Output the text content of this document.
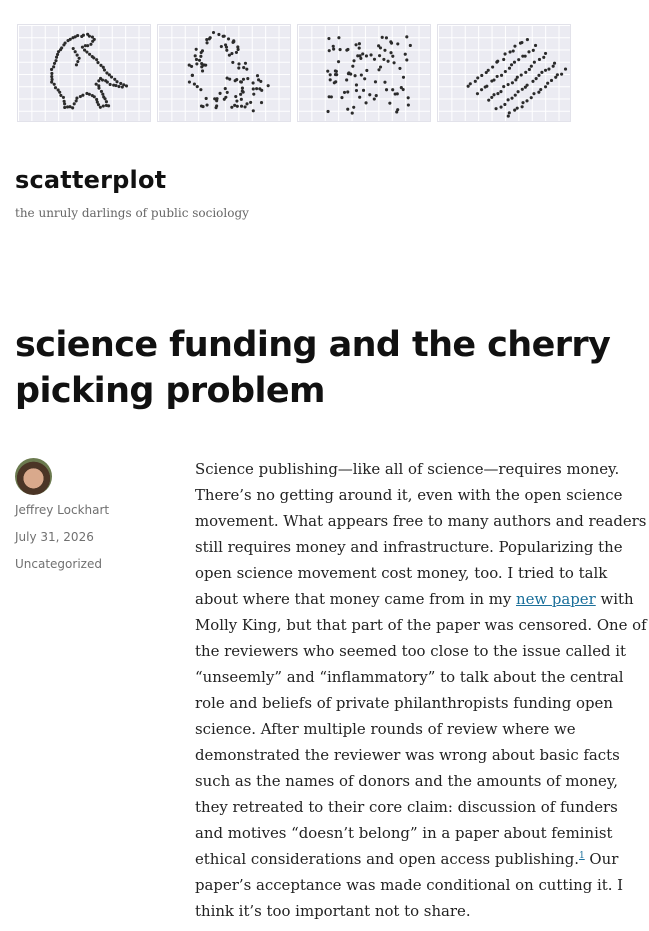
scatterplot

the unruly darlings of public sociology

science funding and the cherry picking problem
Jeffrey Lockhart
July 31, 2026
Uncategorized

Science publishing—like all of science—requires money. There’s no getting around it, even with the open science movement. What appears free to many authors and readers still requires money and infrastructure. Popularizing the open science movement cost money, too. I tried to talk about where that money came from in my new paper with Molly King, but that part of the paper was censored. One of the reviewers who seemed too close to the issue called it “unseemly” and “inflammatory” to talk about the central role and beliefs of private philanthropists funding open science. After multiple rounds of review where we demonstrated the reviewer was wrong about basic facts such as the names of donors and the amounts of money, they retreated to their core claim: discussion of funders and motives “doesn’t belong” in a paper about feminist ethical considerations and open access publishing.$^1$ Our paper’s acceptance was made conditional on cutting it. I think it’s too important not to share.
